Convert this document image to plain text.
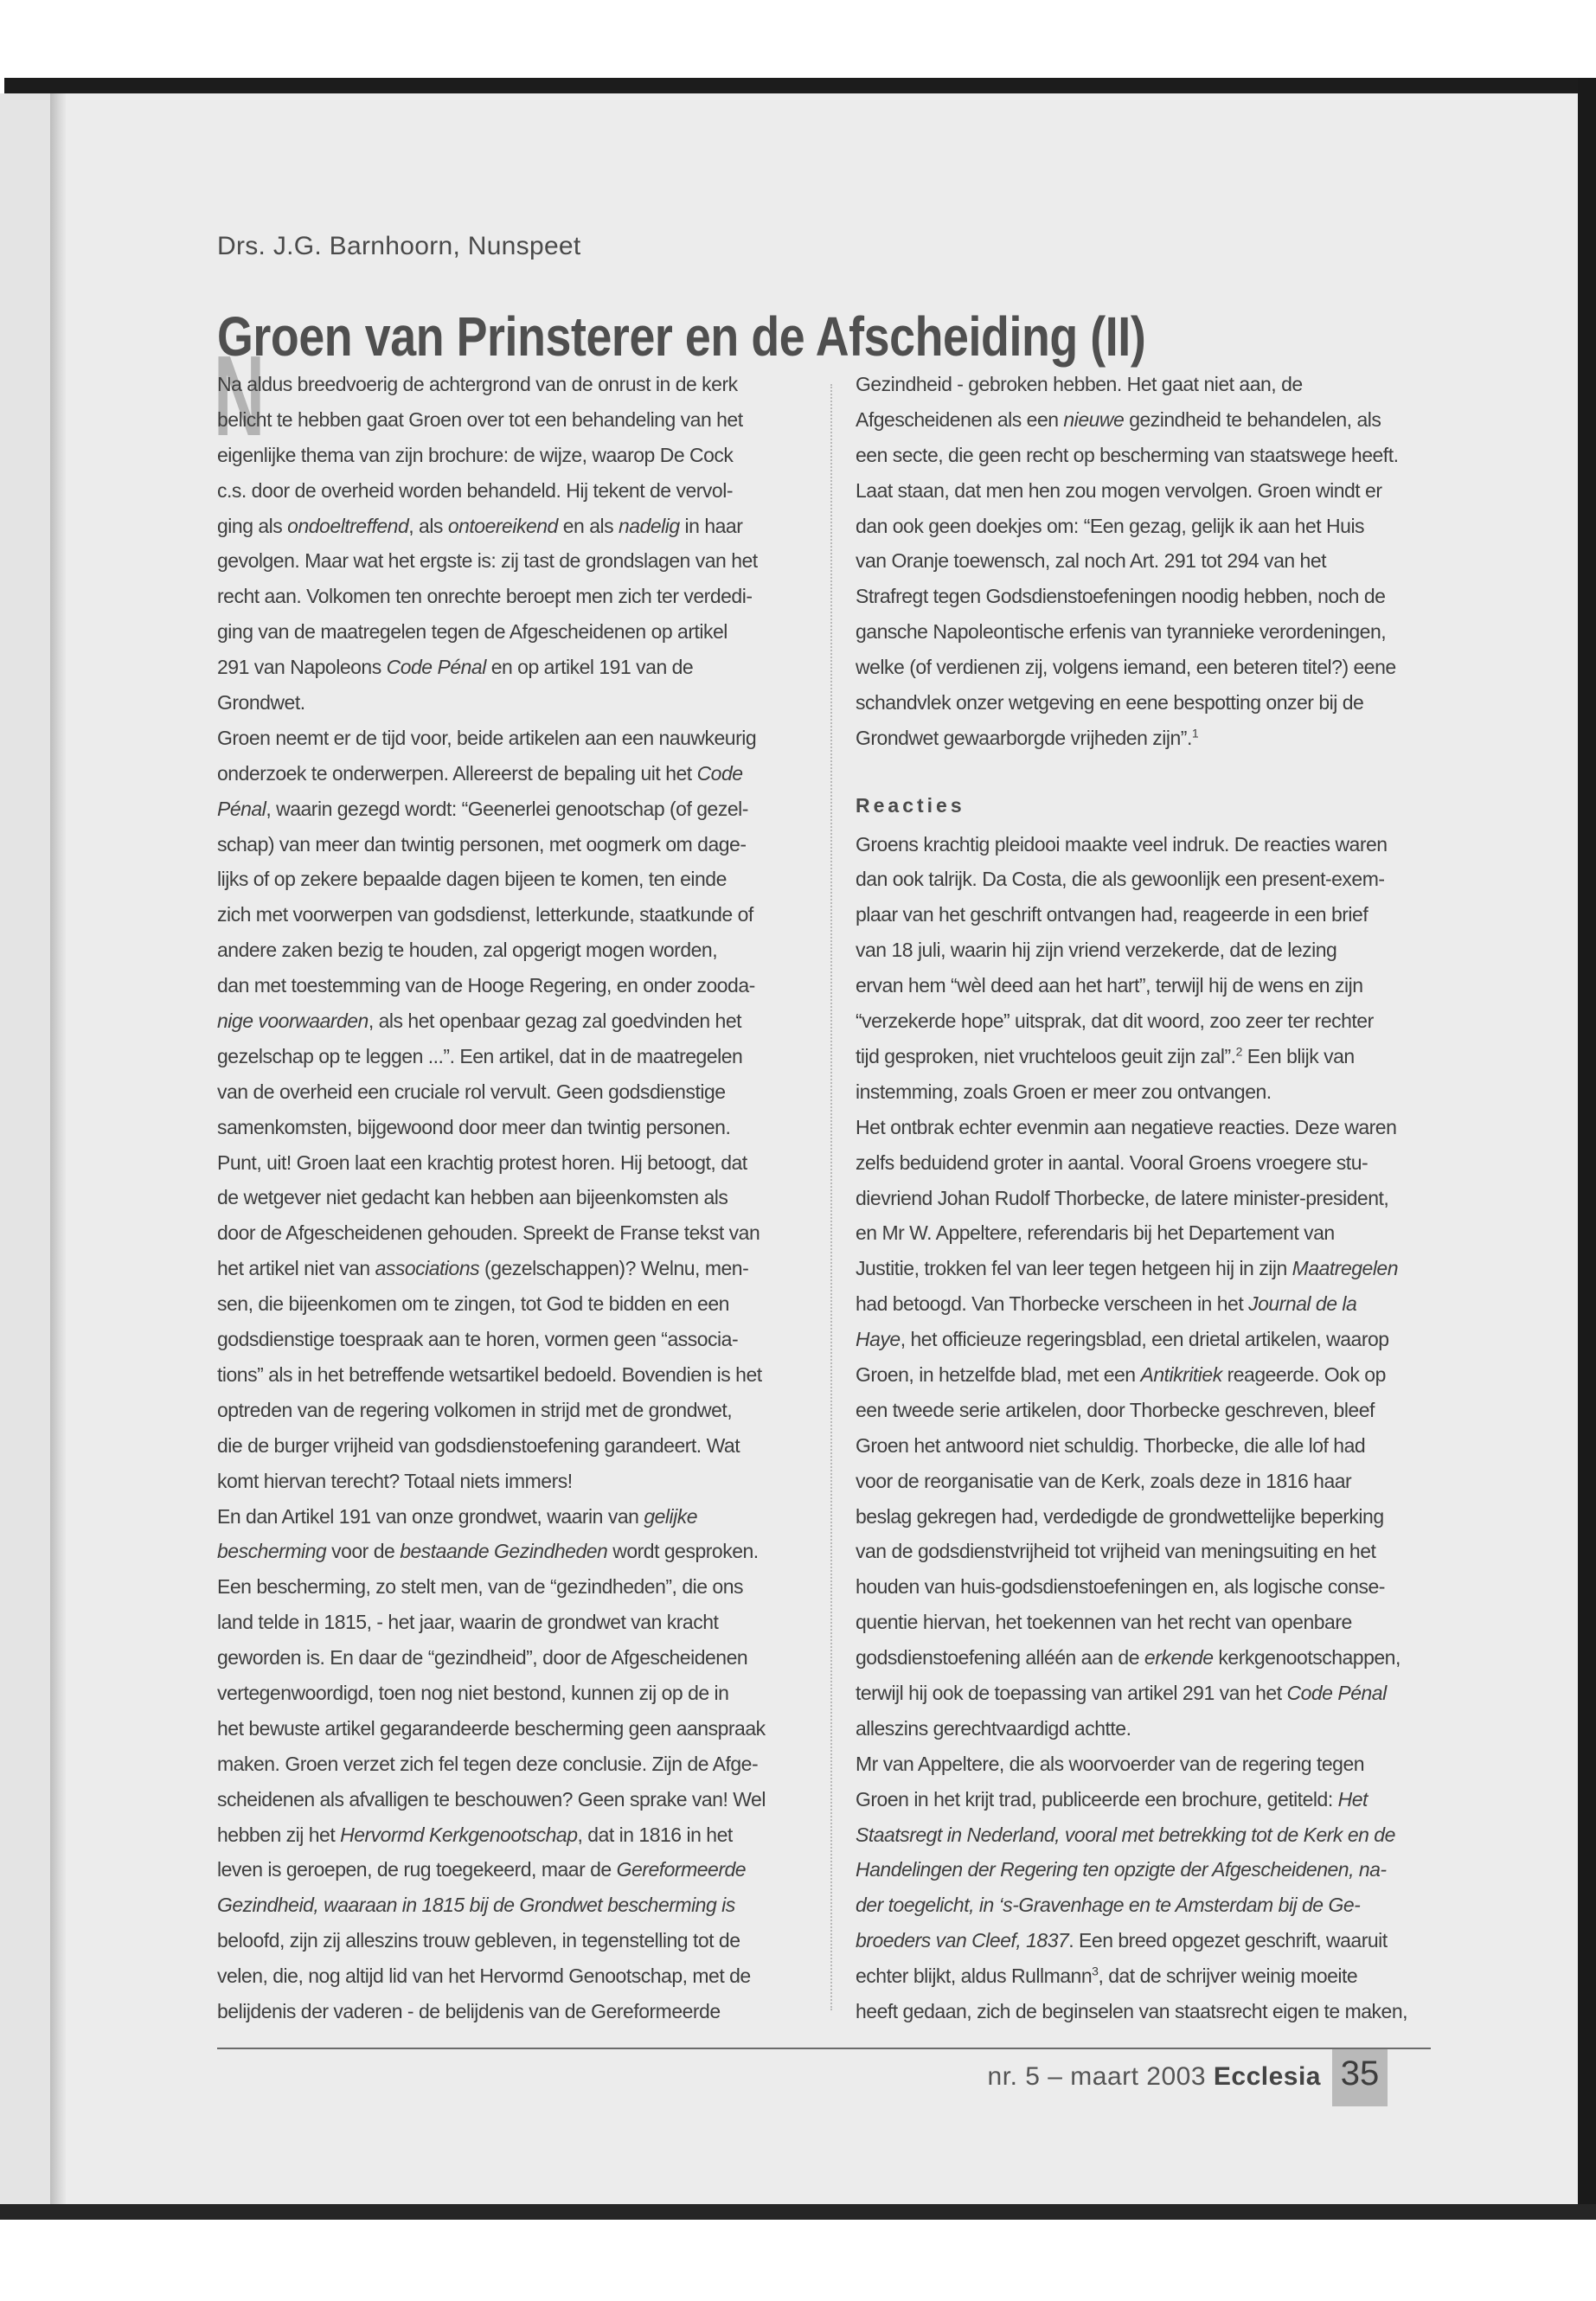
Drs. J.G. Barnhoorn, Nunspeet
Groen van Prinsterer en de Afscheiding (II)
N
Na aldus breedvoerig de achtergrond van de onrust in de kerk
belicht te hebben gaat Groen over tot een behandeling van het
eigenlijke thema van zijn brochure: de wijze, waarop De Cock
c.s. door de overheid worden behandeld. Hij tekent de vervol-
ging als ondoeltreffend, als ontoereikend en als nadelig in haar
gevolgen. Maar wat het ergste is: zij tast de grondslagen van het
recht aan. Volkomen ten onrechte beroept men zich ter verdedi-
ging van de maatregelen tegen de Afgescheidenen op artikel
291 van Napoleons Code Pénal en op artikel 191 van de
Grondwet.
Groen neemt er de tijd voor, beide artikelen aan een nauwkeurig
onderzoek te onderwerpen. Allereerst de bepaling uit het Code
Pénal, waarin gezegd wordt: “Geenerlei genootschap (of gezel-
schap) van meer dan twintig personen, met oogmerk om dage-
lijks of op zekere bepaalde dagen bijeen te komen, ten einde
zich met voorwerpen van godsdienst, letterkunde, staatkunde of
andere zaken bezig te houden, zal opgerigt mogen worden,
dan met toestemming van de Hooge Regering, en onder zooda-
nige voorwaarden, als het openbaar gezag zal goedvinden het
gezelschap op te leggen ...”. Een artikel, dat in de maatregelen
van de overheid een cruciale rol vervult. Geen godsdienstige
samenkomsten, bijgewoond door meer dan twintig personen.
Punt, uit! Groen laat een krachtig protest horen. Hij betoogt, dat
de wetgever niet gedacht kan hebben aan bijeenkomsten als
door de Afgescheidenen gehouden. Spreekt de Franse tekst van
het artikel niet van associations (gezelschappen)? Welnu, men-
sen, die bijeenkomen om te zingen, tot God te bidden en een
godsdienstige toespraak aan te horen, vormen geen “associa-
tions” als in het betreffende wetsartikel bedoeld. Bovendien is het
optreden van de regering volkomen in strijd met de grondwet,
die de burger vrijheid van godsdienstoefening garandeert. Wat
komt hiervan terecht? Totaal niets immers!
En dan Artikel 191 van onze grondwet, waarin van gelijke
bescherming voor de bestaande Gezindheden wordt gesproken.
Een bescherming, zo stelt men, van de “gezindheden”, die ons
land telde in 1815, - het jaar, waarin de grondwet van kracht
geworden is. En daar de “gezindheid”, door de Afgescheidenen
vertegenwoordigd, toen nog niet bestond, kunnen zij op de in
het bewuste artikel gegarandeerde bescherming geen aanspraak
maken. Groen verzet zich fel tegen deze conclusie. Zijn de Afge-
scheidenen als afvalligen te beschouwen? Geen sprake van! Wel
hebben zij het Hervormd Kerkgenootschap, dat in 1816 in het
leven is geroepen, de rug toegekeerd, maar de Gereformeerde
Gezindheid, waaraan in 1815 bij de Grondwet bescherming is
beloofd, zijn zij alleszins trouw gebleven, in tegenstelling tot de
velen, die, nog altijd lid van het Hervormd Genootschap, met de
belijdenis der vaderen - de belijdenis van de Gereformeerde
Gezindheid - gebroken hebben. Het gaat niet aan, de
Afgescheidenen als een nieuwe gezindheid te behandelen, als
een secte, die geen recht op bescherming van staatswege heeft.
Laat staan, dat men hen zou mogen vervolgen. Groen windt er
dan ook geen doekjes om: “Een gezag, gelijk ik aan het Huis
van Oranje toewensch, zal noch Art. 291 tot 294 van het
Strafregt tegen Godsdienstoefeningen noodig hebben, noch de
gansche Napoleontische erfenis van tyrannieke verordeningen,
welke (of verdienen zij, volgens iemand, een beteren titel?) eene
schandvlek onzer wetgeving en eene bespotting onzer bij de
Grondwet gewaarborgde vrijheden zijn”.$^1$
Reacties
Groens krachtig pleidooi maakte veel indruk. De reacties waren
dan ook talrijk. Da Costa, die als gewoonlijk een present-exem-
plaar van het geschrift ontvangen had, reageerde in een brief
van 18 juli, waarin hij zijn vriend verzekerde, dat de lezing
ervan hem “wèl deed aan het hart”, terwijl hij de wens en zijn
“verzekerde hope” uitsprak, dat dit woord, zoo zeer ter rechter
tijd gesproken, niet vruchteloos geuit zijn zal”.$^2$ Een blijk van
instemming, zoals Groen er meer zou ontvangen.
Het ontbrak echter evenmin aan negatieve reacties. Deze waren
zelfs beduidend groter in aantal. Vooral Groens vroegere stu-
dievriend Johan Rudolf Thorbecke, de latere minister-president,
en Mr W. Appeltere, referendaris bij het Departement van
Justitie, trokken fel van leer tegen hetgeen hij in zijn Maatregelen
had betoogd. Van Thorbecke verscheen in het Journal de la
Haye, het officieuze regeringsblad, een drietal artikelen, waarop
Groen, in hetzelfde blad, met een Antikritiek reageerde. Ook op
een tweede serie artikelen, door Thorbecke geschreven, bleef
Groen het antwoord niet schuldig. Thorbecke, die alle lof had
voor de reorganisatie van de Kerk, zoals deze in 1816 haar
beslag gekregen had, verdedigde de grondwettelijke beperking
van de godsdienstvrijheid tot vrijheid van meningsuiting en het
houden van huis-godsdienstoefeningen en, als logische conse-
quentie hiervan, het toekennen van het recht van openbare
godsdienstoefening alléén aan de erkende kerkgenootschappen,
terwijl hij ook de toepassing van artikel 291 van het Code Pénal
alleszins gerechtvaardigd achtte.
Mr van Appeltere, die als woorvoerder van de regering tegen
Groen in het krijt trad, publiceerde een brochure, getiteld: Het
Staatsregt in Nederland, vooral met betrekking tot de Kerk en de
Handelingen der Regering ten opzigte der Afgescheidenen, na-
der toegelicht, in ‘s-Gravenhage en te Amsterdam bij de Ge-
broeders van Cleef, 1837. Een breed opgezet geschrift, waaruit
echter blijkt, aldus Rullmann$^3$, dat de schrijver weinig moeite
heeft gedaan, zich de beginselen van staatsrecht eigen te maken,
nr. 5 – maart 2003 Ecclesia 35
